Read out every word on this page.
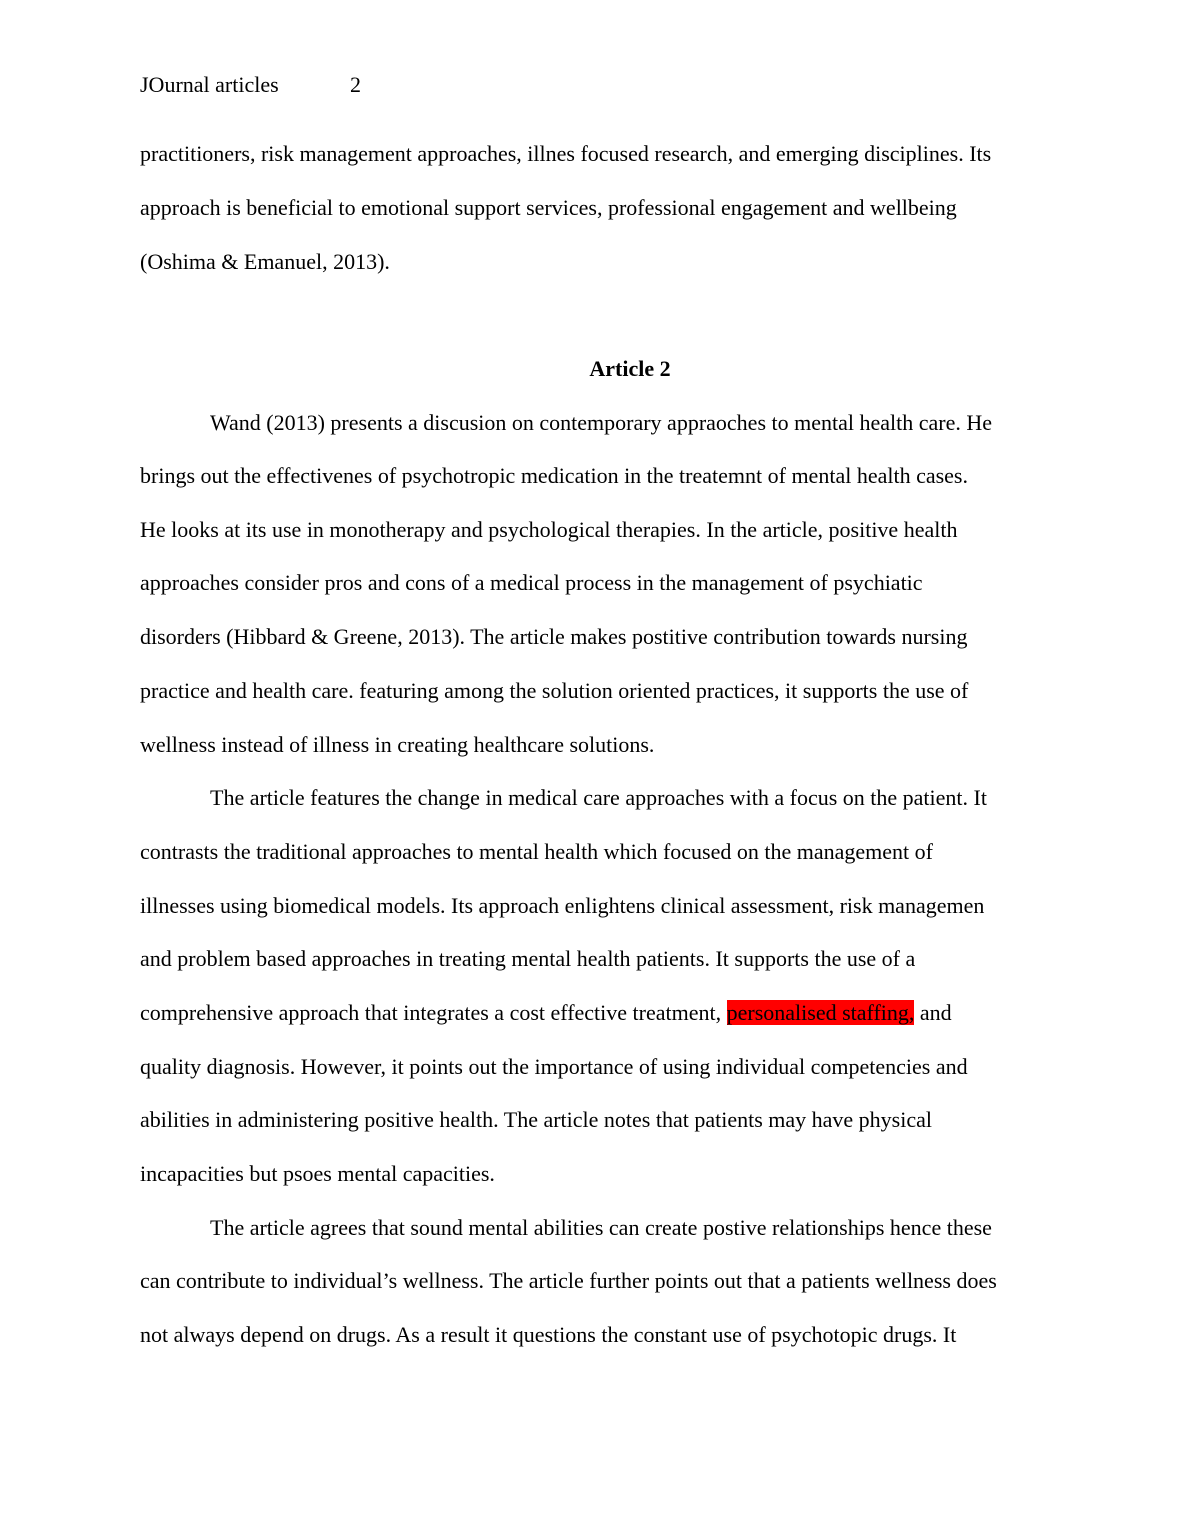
JOurnal articles	2
practitioners, risk management approaches, illnes focused research, and emerging disciplines. Its
approach is beneficial to emotional support services, professional engagement and wellbeing
(Oshima & Emanuel, 2013).
Article 2
Wand (2013) presents a discusion on contemporary appraoches to mental health care. He
brings out the effectivenes of psychotropic medication in the treatemnt of mental health cases.
He looks at its use in monotherapy and psychological therapies. In the article, positive health
approaches consider pros and cons of a medical process in the management of psychiatic
disorders (Hibbard & Greene, 2013). The article makes postitive contribution towards nursing
practice and health care. featuring among the solution oriented practices, it supports the use of
wellness instead of illness in creating healthcare solutions.
The article features the change in medical care approaches with a focus on the patient. It
contrasts the traditional approaches to mental health which focused on the management of
illnesses using biomedical models. Its approach enlightens clinical assessment, risk managemen
and problem based approaches in treating mental health patients. It supports the use of a
comprehensive approach that integrates a cost effective treatment, personalised staffing, and
quality diagnosis. However, it points out the importance of using individual competencies and
abilities in administering positive health. The article notes that patients may have physical
incapacities but psoes mental capacities.
The article agrees that sound mental abilities can create postive relationships hence these
can contribute to individual’s wellness. The article further points out that a patients wellness does
not always depend on drugs. As a result it questions the constant use of psychotopic drugs. It
